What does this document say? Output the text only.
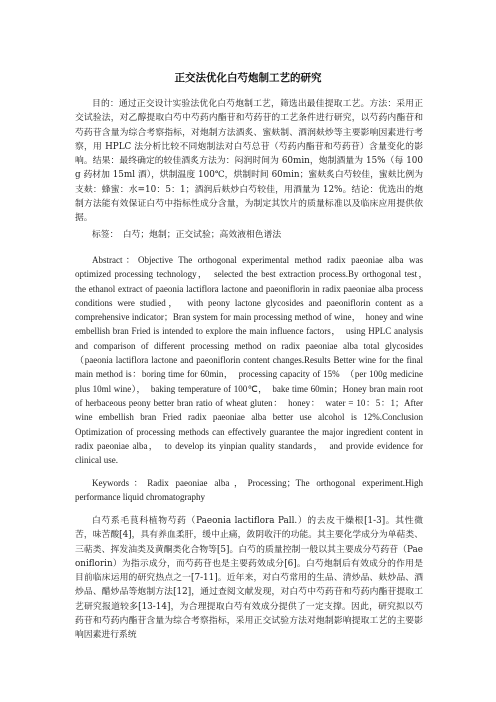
正交法优化白芍炮制工艺的研究
目的：通过正交设计实验法优化白芍炮制工艺，筛选出最佳提取工艺。方法：采用正交试验法，对乙醇提取白芍中芍药内酯苷和芍药苷的工艺条件进行研究，以芍药内酯苷和芍药苷含量为综合考察指标，对炮制方法酒炙、蜜麸制、酒润麸炒等主要影响因素进行考察，用 HPLC 法分析比较不同炮制法对白芍总苷（芍药内酯苷和芍药苷）含量变化的影响。结果：最终确定的较佳酒炙方法为：闷润时间为 60min，炮制酒量为 15%（每 100g 药材加 15ml 酒），烘制温度 100℃，烘制时间 60min；蜜麸炙白芍较佳，蜜麸比例为支麸：蜂蜜：水=10：5：1；酒润后麸炒白芍较佳，用酒量为 12%。结论：优选出的炮制方法能有效保证白芍中指标性成分含量，为制定其饮片的质量标准以及临床应用提供依据。
标签：　白芍；炮制；正交试验；高效液相色谱法
Abstract：Objective The orthogonal experimental method radix paeoniae alba was optimized processing technology，　selected the best extraction process.By orthogonal test，　the ethanol extract of paeonia lactiflora lactone and paeoniflorin in radix paeoniae alba process conditions were studied，　with peony lactone glycosides and paeoniflorin content as a comprehensive indicator；Bran system for main processing method of wine，　honey and wine embellish bran Fried is intended to explore the main influence factors，　using HPLC analysis and comparison of different processing method on radix paeoniae alba total glycosides （paeonia lactiflora lactone and paeoniflorin content changes.Results Better wine for the final main method is：boring time for 60min，　processing capacity of 15%　（per 100g medicine plus 10ml wine），　baking temperature of 100℃，　bake time 60min；Honey bran main root of herbaceous peony better bran ratio of wheat gluten：　honey：　water = 10：5：1；After wine embellish bran Fried radix paeoniae alba better use alcohol is 12%.Conclusion Optimization of processing methods can effectively guarantee the major ingredient content in radix paeoniae alba，　to develop its yinpian quality standards，　and provide evidence for clinical use.
Keywords：Radix paeoniae alba，Processing；The orthogonal experiment.High performance liquid chromatography
白芍系毛茛科植物芍药（Paeonia lactiflora Pall.）的去皮干燥根[1-3]。其性微苦，味苦酸[4]，具有养血柔肝，缓中止痛，敛阴收汗的功能。其主要化学成分为单萜类、三萜类、挥发油类及黄酮类化合物等[5]。白芍的质量控制一般以其主要成分芍药苷（Paeoniflorin）为指示成分，而芍药苷也是主要药效成分[6]。白芍炮制后有效成分的作用是目前临床运用的研究热点之一[7-11]。近年来，对白芍常用的生品、清炒品、麸炒品、酒炒品、醋炒品等炮制方法[12]，通过查阅文献发现，对白芍中芍药苷和芍药内酯苷提取工艺研究报道较多[13-14]，为合理提取白芍有效成分提供了一定支撑。因此，研究拟以芍药苷和芍药内酯苷含量为综合考察指标，采用正交试验方法对炮制影响提取工艺的主要影响因素进行系统
